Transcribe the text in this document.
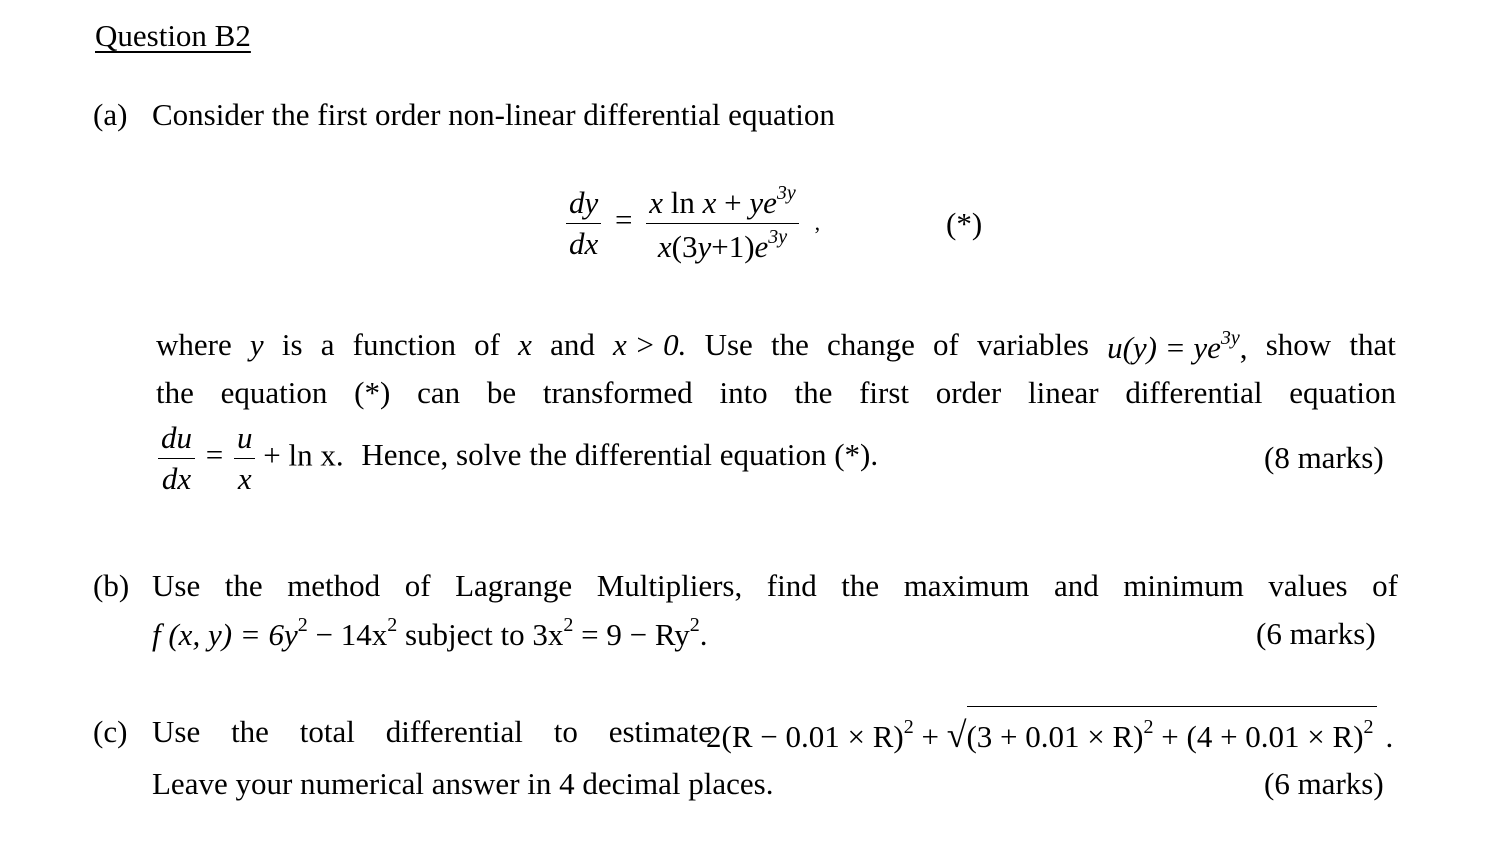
Question B2
(a) Consider the first order non-linear differential equation
$\frac{dy}{dx} = \frac{x \ln x + ye^{3y}}{x(3y+1)e^{3y}}$ ,	(*)
where y is a function of x and x > 0. Use the change of variables $u(y) = ye^{3y}$, show that
the equation (*) can be transformed into the first order linear differential equation
$\frac{du}{dx} = \frac{u}{x} + \ln x$. Hence, solve the differential equation (*).	(8 marks)
(b) Use the method of Lagrange Multipliers, find the maximum and minimum values of
f (x, $y) = 6y^2 - 14x^2$ subject to $3x^2 = 9 - Ry^2$.	(6 marks)
(c) Use the total differential to estimate
$2(R - 0.01 \times R)^2 + √(3 + 0.01 \times R)^2 + (4 + 0.01 \times R)^2$ .
Leave your numerical answer in 4 decimal places.	(6 marks)
